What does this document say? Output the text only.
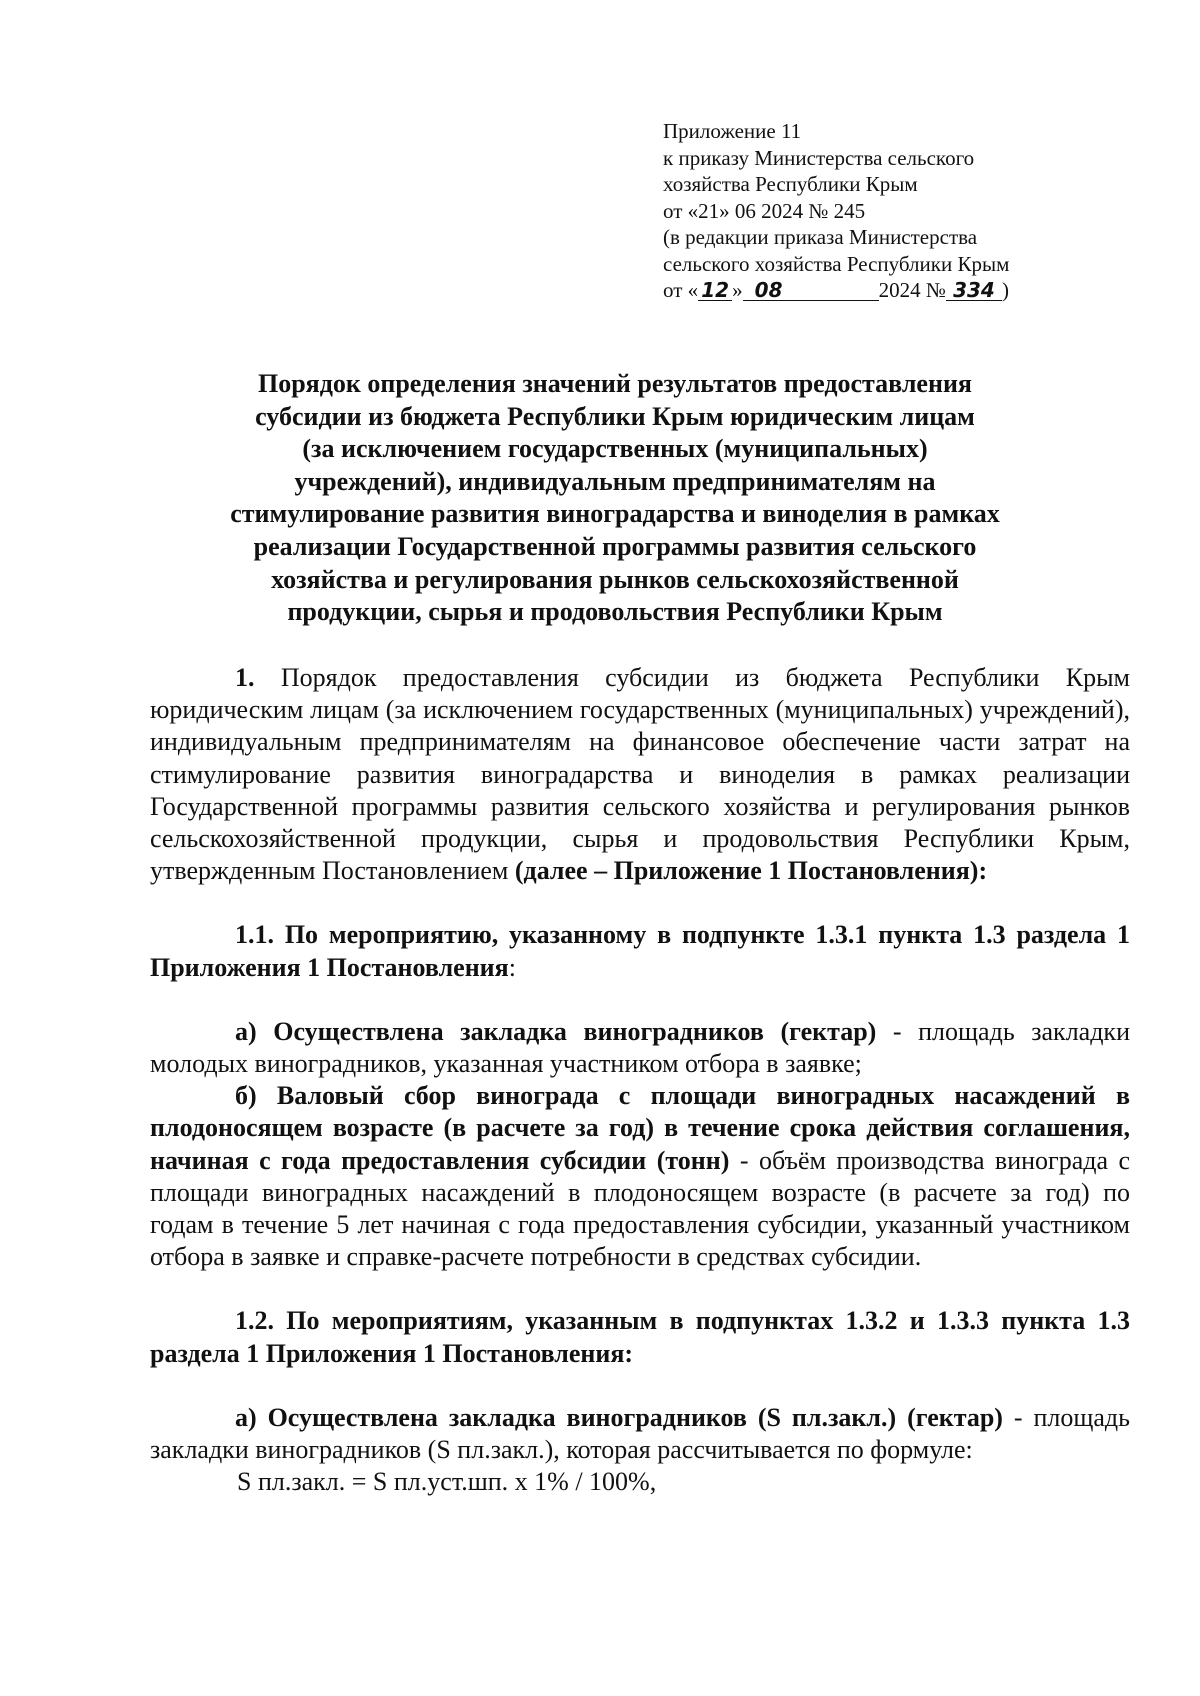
Приложение 11
к приказу Министерства сельского
хозяйства Республики Крым
от «21» 06 2024 № 245
(в редакции приказа Министерства
сельского хозяйства Республики Крым
от « 12 » 08	2024 № 334 )
Порядок определения значений результатов предоставления
субсидии из бюджета Республики Крым юридическим лицам
(за исключением государственных (муниципальных)
учреждений), индивидуальным предпринимателям на
стимулирование развития виноградарства и виноделия в рамках
реализации Государственной программы развития сельского
хозяйства и регулирования рынков сельскохозяйственной
продукции, сырья и продовольствия Республики Крым

1. Порядок предоставления субсидии из бюджета Республики Крым юридическим лицам (за исключением государственных (муниципальных) учреждений), индивидуальным предпринимателям на финансовое обеспечение части затрат на стимулирование развития виноградарства и виноделия в рамках реализации Государственной программы развития сельского хозяйства и регулирования рынков сельскохозяйственной продукции, сырья и продовольствия Республики Крым, утвержденным Постановлением (далее – Приложение 1 Постановления):

1.1. По мероприятию, указанному в подпункте 1.3.1 пункта 1.3 раздела 1 Приложения 1 Постановления:

а) Осуществлена закладка виноградников (гектар) - площадь закладки молодых виноградников, указанная участником отбора в заявке;

б) Валовый сбор винограда с площади виноградных насаждений в плодоносящем возрасте (в расчете за год) в течение срока действия соглашения, начиная с года предоставления субсидии (тонн) - объём производства винограда с площади виноградных насаждений в плодоносящем возрасте (в расчете за год) по годам в течение 5 лет начиная с года предоставления субсидии, указанный участником отбора в заявке и справке-расчете потребности в средствах субсидии.

1.2. По мероприятиям, указанным в подпунктах 1.3.2 и 1.3.3 пункта 1.3 раздела 1 Приложения 1 Постановления:

а) Осуществлена закладка виноградников (S пл.закл.) (гектар) - площадь закладки виноградников (S пл.закл.), которая рассчитывается по формуле:

S пл.закл. = S пл.уст.шп. x 1% / 100%,
